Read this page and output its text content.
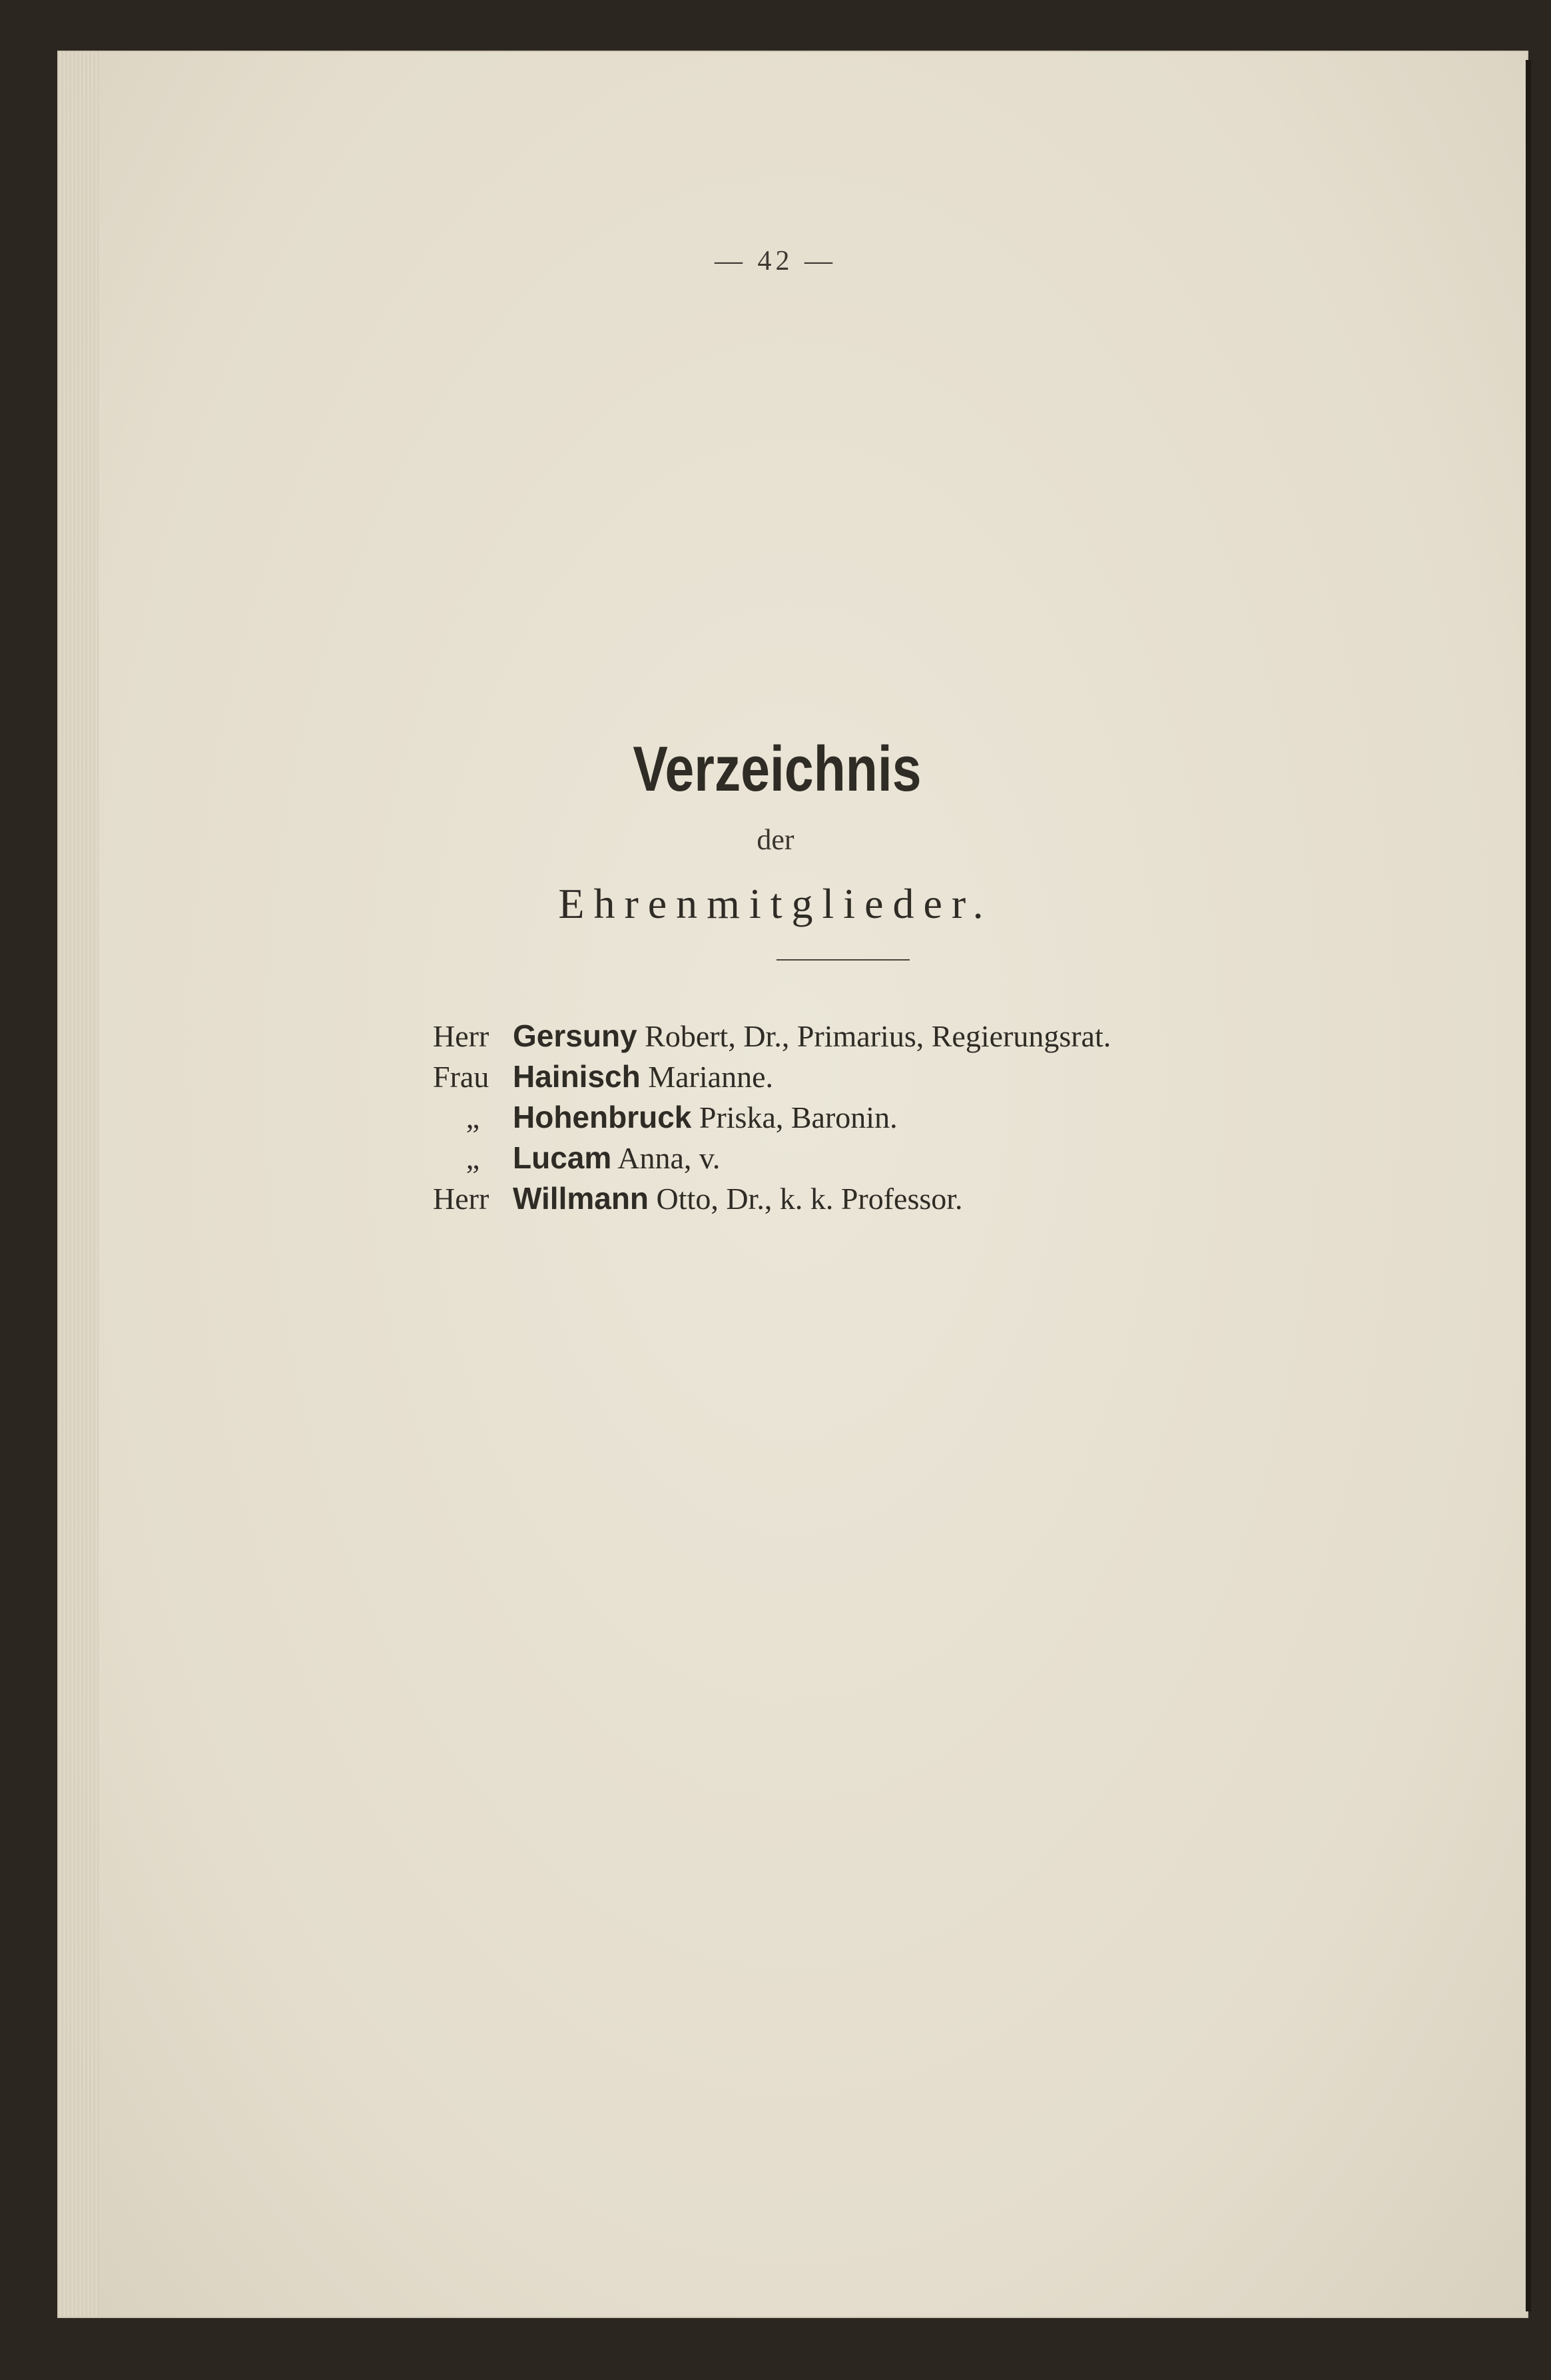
— 42 —
Verzeichnis
der
Ehrenmitglieder.
Herr Gersuny Robert, Dr., Primarius, Regierungsrat.
Frau Hainisch Marianne.
„ Hohenbruck Priska, Baronin.
„ Lucam Anna, v.
Herr Willmann Otto, Dr., k. k. Professor.
